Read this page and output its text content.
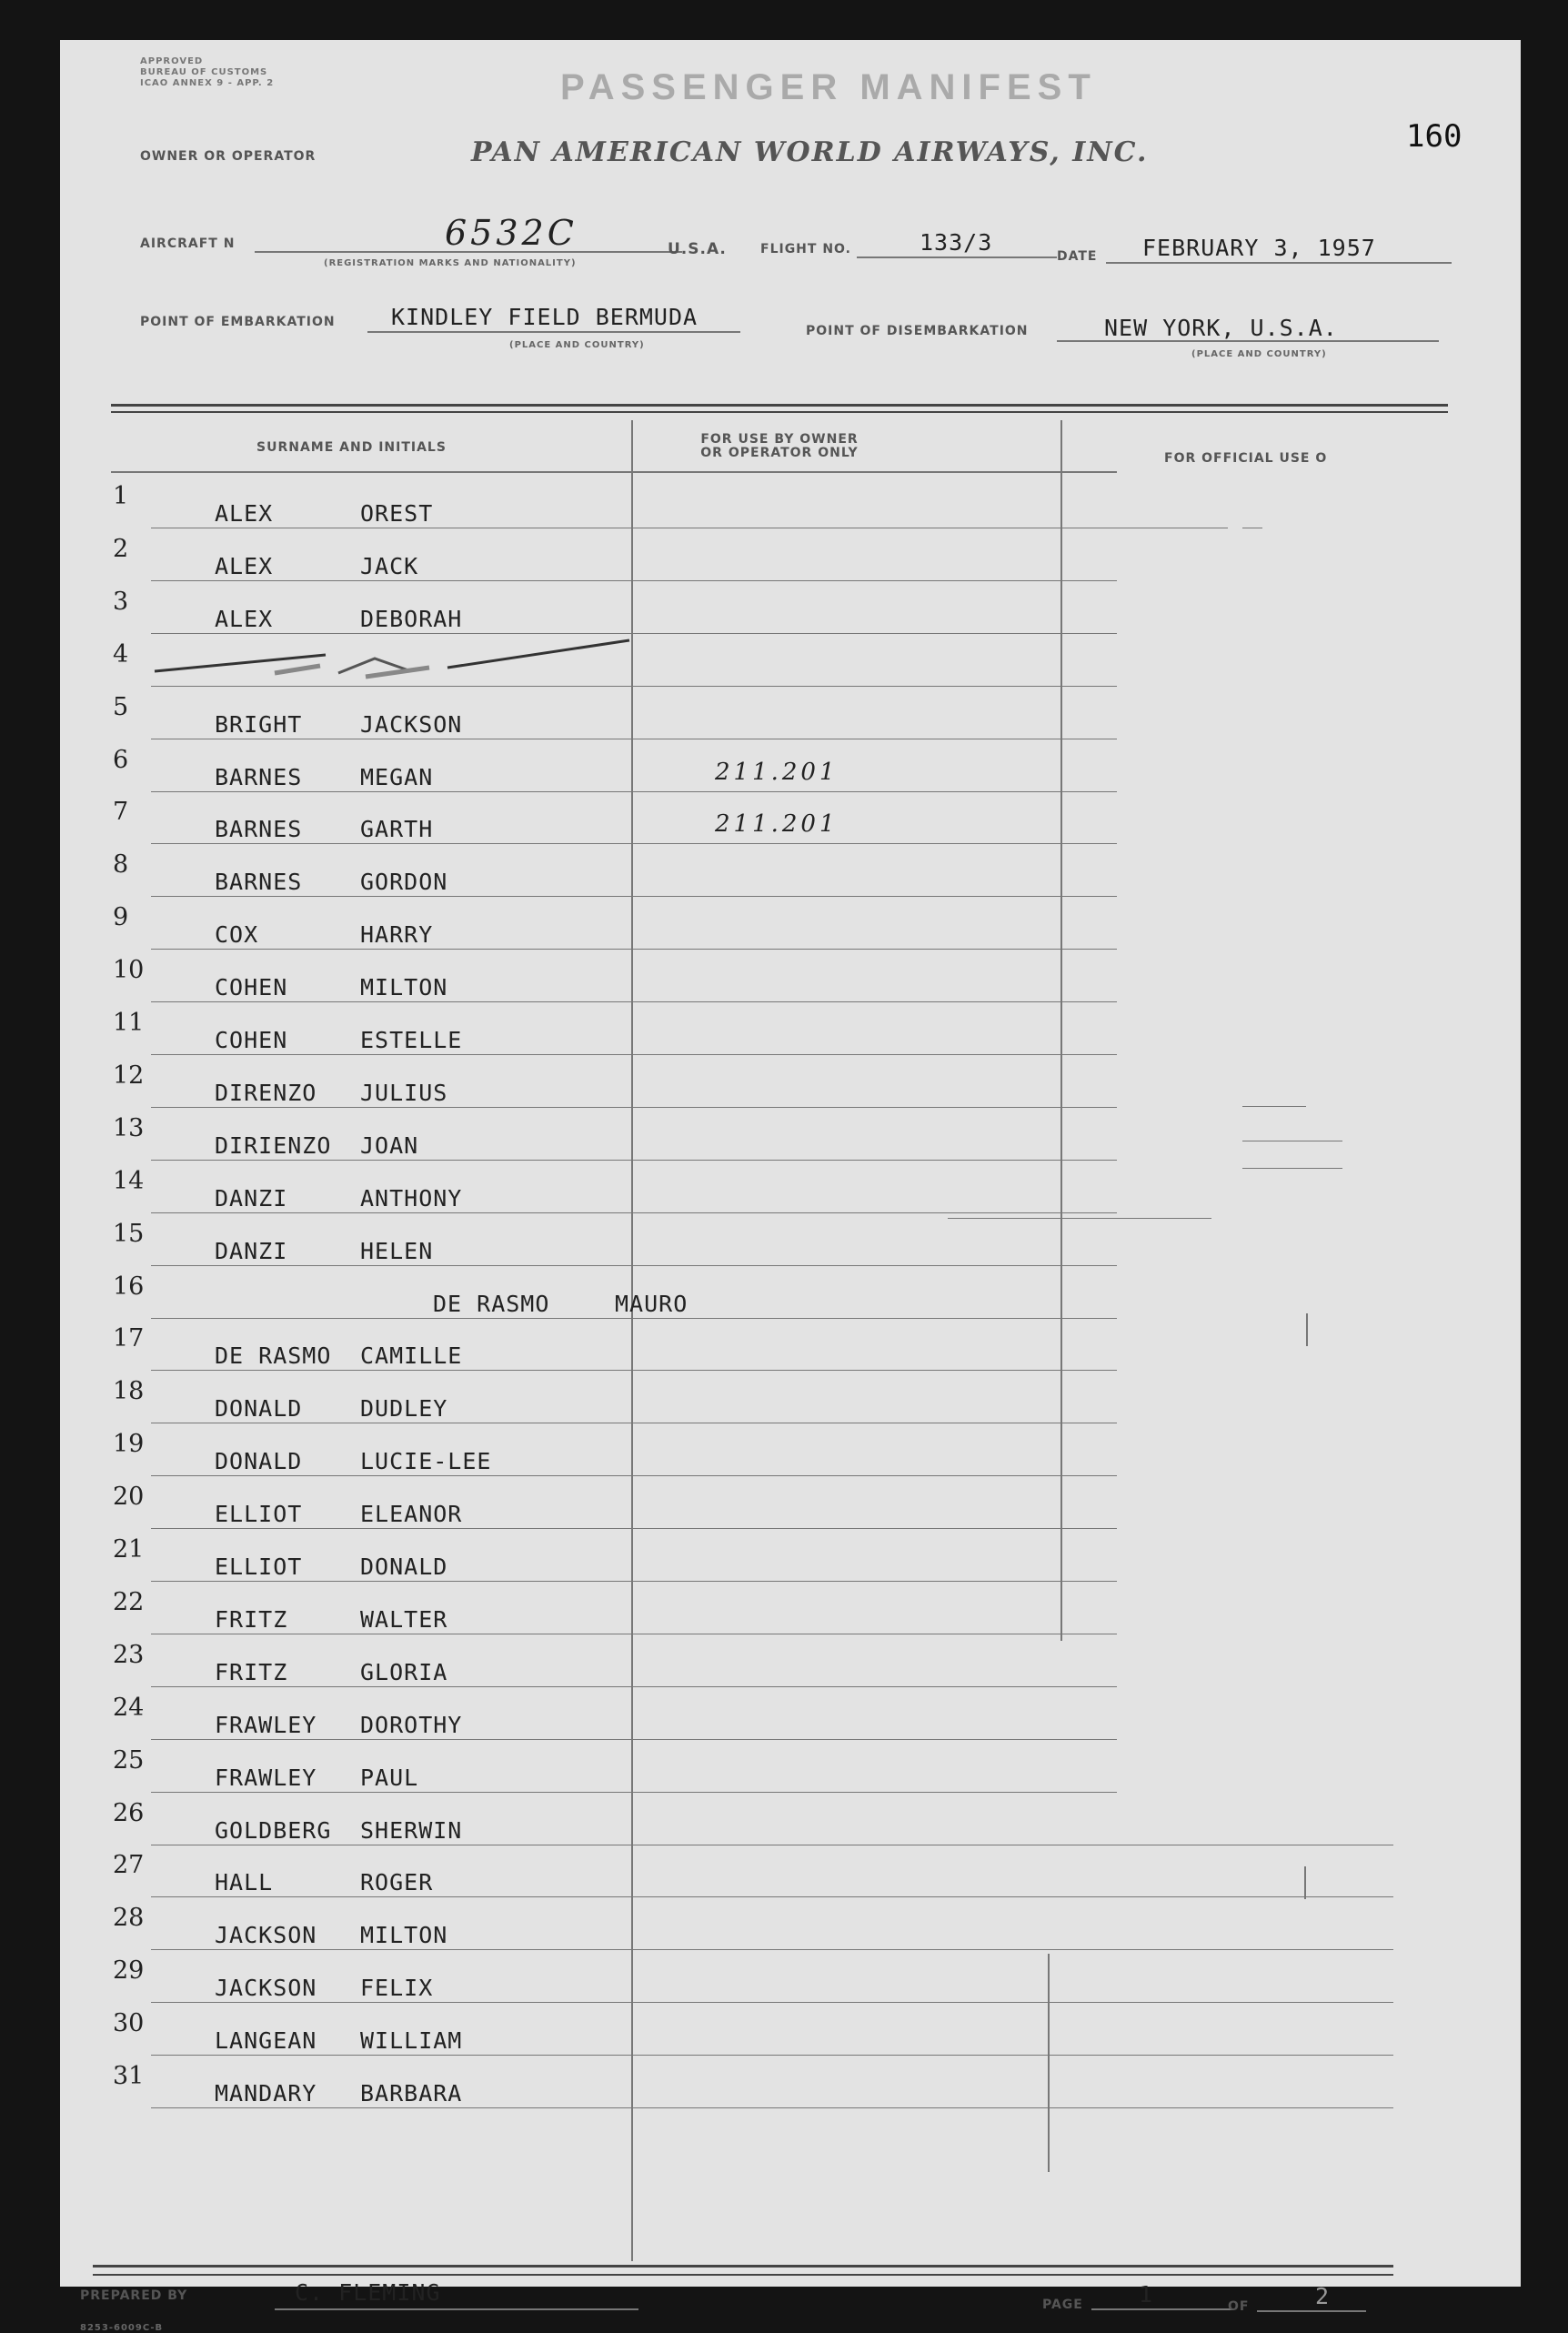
APPROVED
BUREAU OF CUSTOMS
ICAO ANNEX 9 - APP. 2	PASSENGER MANIFEST
160
OWNER OR OPERATOR	PAN AMERICAN WORLD AIRWAYS, INC.
AIRCRAFT N	6532C
(REGISTRATION MARKS AND NATIONALITY)
U.S.A.	FLIGHT NO.	133/3
DATE FEBRUARY 3, 1957
POINT OF EMBARKATION KINDLEY FIELD BERMUDA
(PLACE AND COUNTRY)
POINT OF DISEMBARKATION	NEW YORK, U.S.A.
(PLACE AND COUNTRY)
SURNAME AND INITIALS
FOR USE BY OWNER
OR OPERATOR ONLY	FOR OFFICIAL USE O
1
ALEX	OREST
2
ALEX	JACK
3
ALEX	DEBORAH
4
5
BRIGHT	JACKSON
6
BARNES	MEGAN	211.201
7
BARNES	GARTH	211.201
8
BARNES	GORDON
9
COX	HARRY
10
COHEN	MILTON
11
COHEN	ESTELLE
12
DIRENZO JULIUS
13
DIRIENZO JOAN
14
DANZI	ANTHONY
15
DANZI	HELEN
16
DE RASMO	MAURO
17
DE RASMO CAMILLE
18
DONALD	DUDLEY
19
DONALD	LUCIE-LEE
20
ELLIOT	ELEANOR
21
ELLIOT	DONALD
22
FRITZ	WALTER
23
FRITZ	GLORIA
24
FRAWLEY DOROTHY
25
FRAWLEY PAUL
26
GOLDBERG SHERWIN
27
HALL	ROGER
28
JACKSON MILTON
29
JACKSON FELIX
30
LANGEAN WILLIAM
31
MANDARY BARBARA
PREPARED BY	C. FLEMING	PAGE 1	OF	2
8253-6009C-B
